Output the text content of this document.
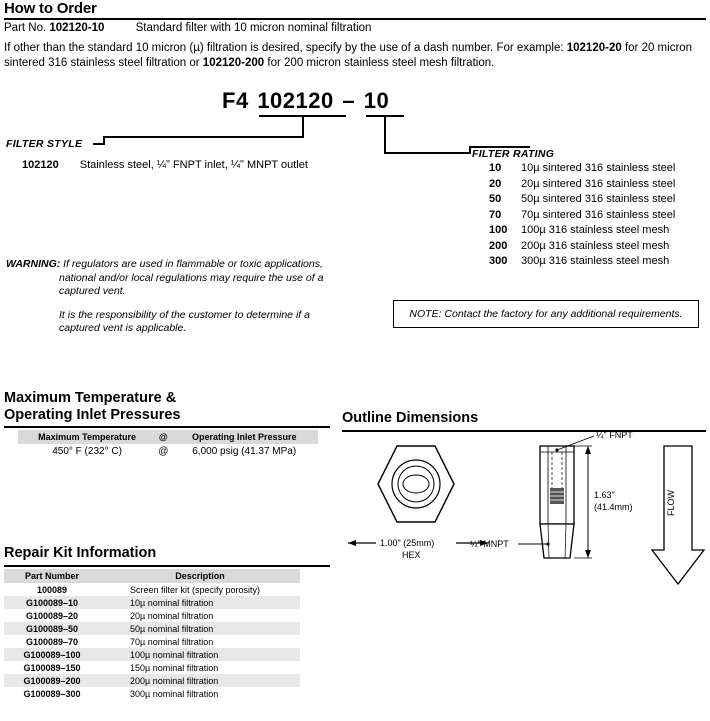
How to Order
Part No. 102120-10	Standard filter with 10 micron nominal filtration
If other than the standard 10 micron (µ) filtration is desired, specify by the use of a dash number. For example: 102120-20 for 20 micron sintered 316 stainless steel filtration or 102120-200 for 200 micron stainless steel mesh filtration.
F4 102120 – 10
FILTER STYLE
102120 Stainless steel, ¼ʺ FNPT inlet, ¼ʺ MNPT outlet
FILTER RATING
10	10µ sintered 316 stainless steel
20	20µ sintered 316 stainless steel
50	50µ sintered 316 stainless steel
70	70µ sintered 316 stainless steel
100	100µ 316 stainless steel mesh
200	200µ 316 stainless steel mesh
300	300µ 316 stainless steel mesh
WARNING: If regulators are used in flammable or toxic applications, national and/or local regulations may require the use of a captured vent.
It is the responsibility of the customer to determine if a captured vent is applicable.
NOTE: Contact the factory for any additional requirements.
Maximum Temperature &
Operating Inlet Pressures
Maximum Temperature	@	Operating Inlet Pressure
450° F (232° C)	@	6,000 psig (41.37 MPa)
Repair Kit Information
Part Number	Description
100089	Screen filter kit (specify porosity)
G100089–10	10µ nominal filtration
G100089–20	20µ nominal filtration
G100089–50	50µ nominal filtration
G100089–70	70µ nominal filtration
G100089–100	100µ nominal filtration
G100089–150	150µ nominal filtration
G100089–200	200µ nominal filtration
G100089–300	300µ nominal filtration
Outline Dimensions
1.00ʺ (25mm)
HEX
¼ʺ FNPT
¼ʺ MNPT
1.63ʺ
(41.4mm)	FLOW
